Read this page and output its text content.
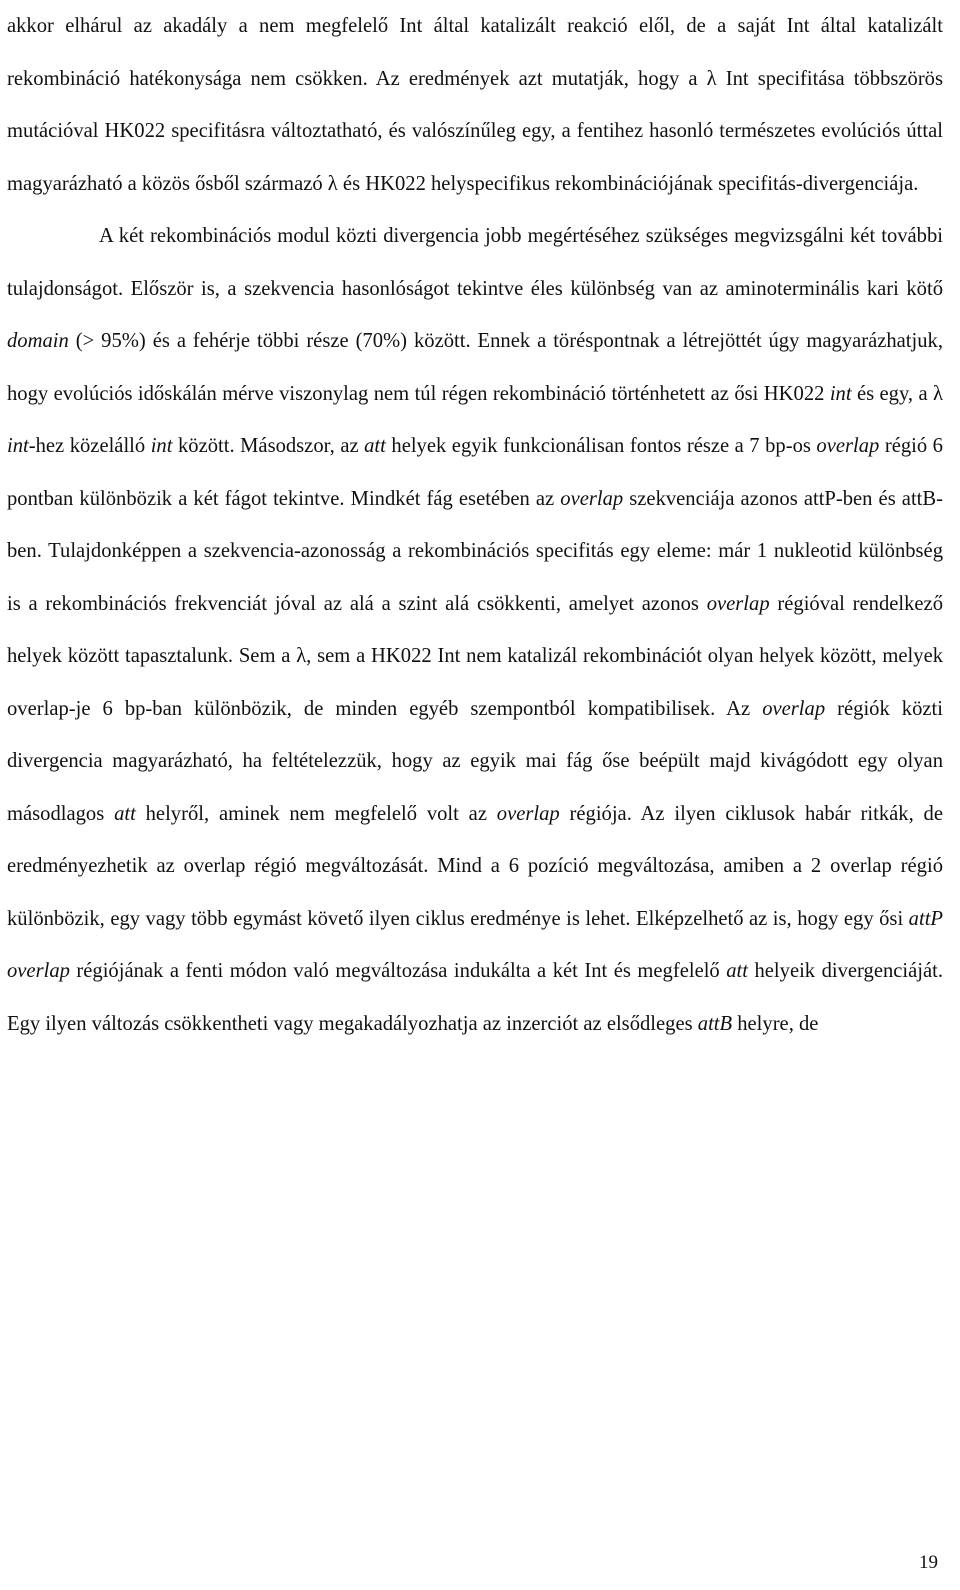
akkor elhárul az akadály a nem megfelelő Int által katalizált reakció elől, de a saját Int által katalizált rekombináció hatékonysága nem csökken. Az eredmények azt mutatják, hogy a λ Int specifitása többszörös mutációval HK022 specifitásra változtatható, és valószínűleg egy, a fentihez hasonló természetes evolúciós úttal magyarázható a közös ősből származó λ és HK022 helyspecifikus rekombinációjának specifitás-divergenciája.

A két rekombinációs modul közti divergencia jobb megértéséhez szükséges megvizsgálni két további tulajdonságot. Először is, a szekvencia hasonlóságot tekintve éles különbség van az aminoterminális kari kötő domain (> 95%) és a fehérje többi része (70%) között. Ennek a töréspontnak a létrejöttét úgy magyarázhatjuk, hogy evolúciós időskálán mérve viszonylag nem túl régen rekombináció történhetett az ősi HK022 int és egy, a λ int-hez közelálló int között. Másodszor, az att helyek egyik funkcionálisan fontos része a 7 bp-os overlap régió 6 pontban különbözik a két fágot tekintve. Mindkét fág esetében az overlap szekvenciája azonos attP-ben és attB-ben. Tulajdonképpen a szekvencia-azonosság a rekombinációs specifitás egy eleme: már 1 nukleotid különbség is a rekombinációs frekvenciát jóval az alá a szint alá csökkenti, amelyet azonos overlap régióval rendelkező helyek között tapasztalunk. Sem a λ, sem a HK022 Int nem katalizál rekombinációt olyan helyek között, melyek overlap-je 6 bp-ban különbözik, de minden egyéb szempontból kompatibilisek. Az overlap régiók közti divergencia magyarázható, ha feltételezzük, hogy az egyik mai fág őse beépült majd kivágódott egy olyan másodlagos att helyről, aminek nem megfelelő volt az overlap régiója. Az ilyen ciklusok habár ritkák, de eredményezhetik az overlap régió megváltozását. Mind a 6 pozíció megváltozása, amiben a 2 overlap régió különbözik, egy vagy több egymást követő ilyen ciklus eredménye is lehet. Elképzelhető az is, hogy egy ősi attP overlap régiójának a fenti módon való megváltozása indukálta a két Int és megfelelő att helyeik divergenciáját. Egy ilyen változás csökkentheti vagy megakadályozhatja az inzerciót az elsődleges attB helyre, de

19
